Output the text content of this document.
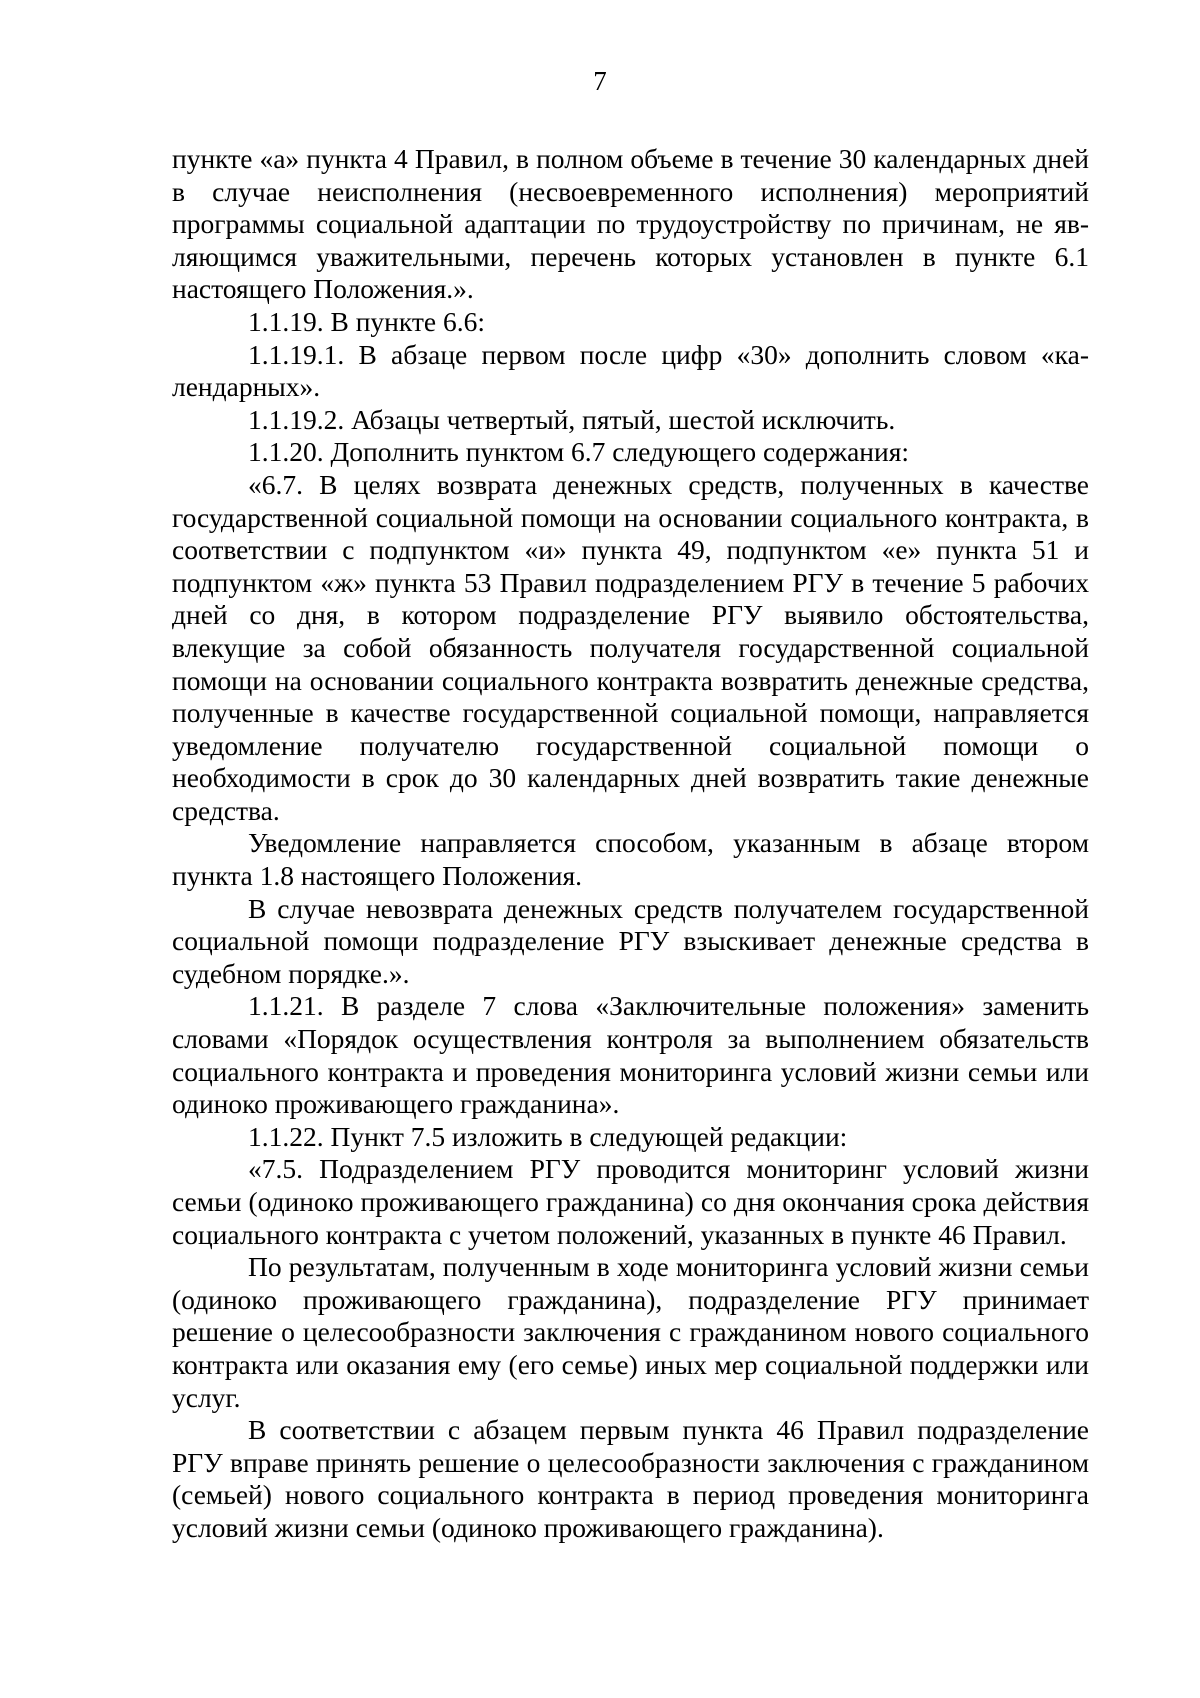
7

пункте «а» пункта 4 Правил, в полном объеме в течение 30 календарных дней в случае неисполнения (несвоевременного исполнения) мероприятий программы социальной адаптации по трудоустройству по причинам, не являющимся уважительными, перечень которых установлен в пункте 6.1 настоящего Положения.».

1.1.19. В пункте 6.6:

1.1.19.1. В абзаце первом после цифр «30» дополнить словом «календарных».

1.1.19.2. Абзацы четвертый, пятый, шестой исключить.

1.1.20. Дополнить пунктом 6.7 следующего содержания:

«6.7. В целях возврата денежных средств, полученных в качестве государственной социальной помощи на основании социального контракта, в соответствии с подпунктом «и» пункта 49, подпунктом «е» пункта 51 и подпунктом «ж» пункта 53 Правил подразделением РГУ в течение 5 рабочих дней со дня, в котором подразделение РГУ выявило обстоятельства, влекущие за собой обязанность получателя государственной социальной помощи на основании социального контракта возвратить денежные средства, полученные в качестве государственной социальной помощи, направляется уведомление получателю государственной социальной помощи о необходимости в срок до 30 календарных дней возвратить такие денежные средства.

Уведомление направляется способом, указанным в абзаце втором пункта 1.8 настоящего Положения.

В случае невозврата денежных средств получателем государственной социальной помощи подразделение РГУ взыскивает денежные средства в судебном порядке.».

1.1.21. В разделе 7 слова «Заключительные положения» заменить словами «Порядок осуществления контроля за выполнением обязательств социального контракта и проведения мониторинга условий жизни семьи или одиноко проживающего гражданина».

1.1.22. Пункт 7.5 изложить в следующей редакции:

«7.5. Подразделением РГУ проводится мониторинг условий жизни семьи (одиноко проживающего гражданина) со дня окончания срока действия социального контракта с учетом положений, указанных в пункте 46 Правил.

По результатам, полученным в ходе мониторинга условий жизни семьи (одиноко проживающего гражданина), подразделение РГУ принимает решение о целесообразности заключения с гражданином нового социального контракта или оказания ему (его семье) иных мер социальной поддержки или услуг.

В соответствии с абзацем первым пункта 46 Правил подразделение РГУ вправе принять решение о целесообразности заключения с гражданином (семьей) нового социального контракта в период проведения мониторинга условий жизни семьи (одиноко проживающего гражданина).
